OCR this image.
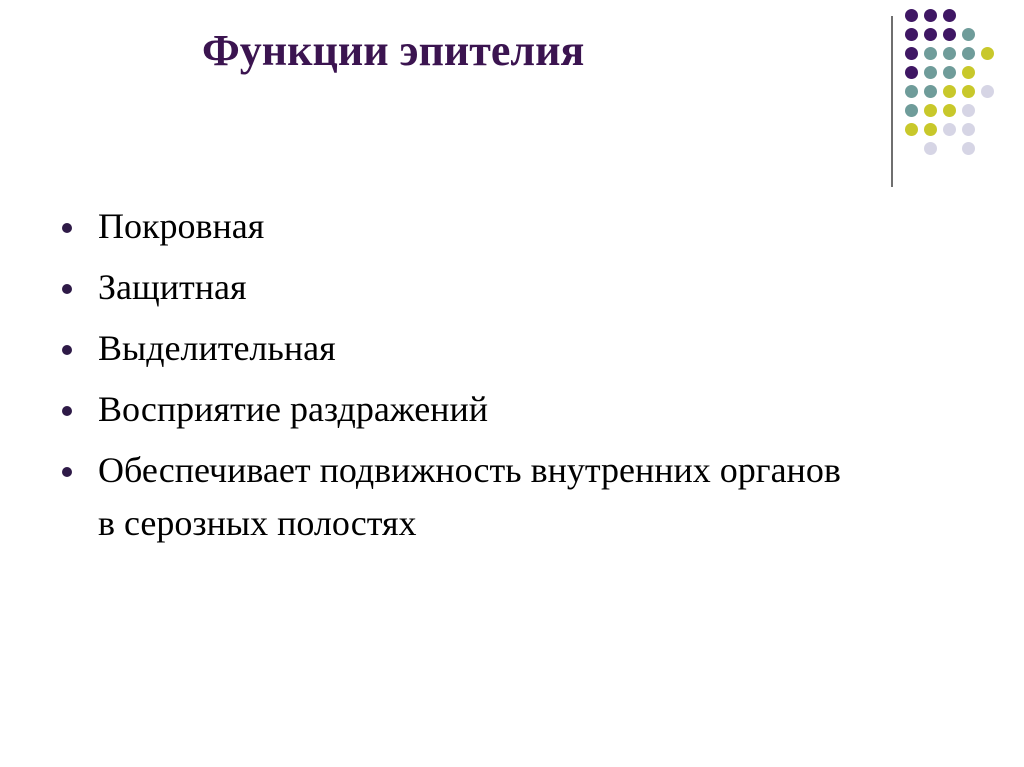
Функции эпителия
Покровная
Защитная
Выделительная
Восприятие раздражений
Обеспечивает подвижность внутренних органов в серозных полостях
